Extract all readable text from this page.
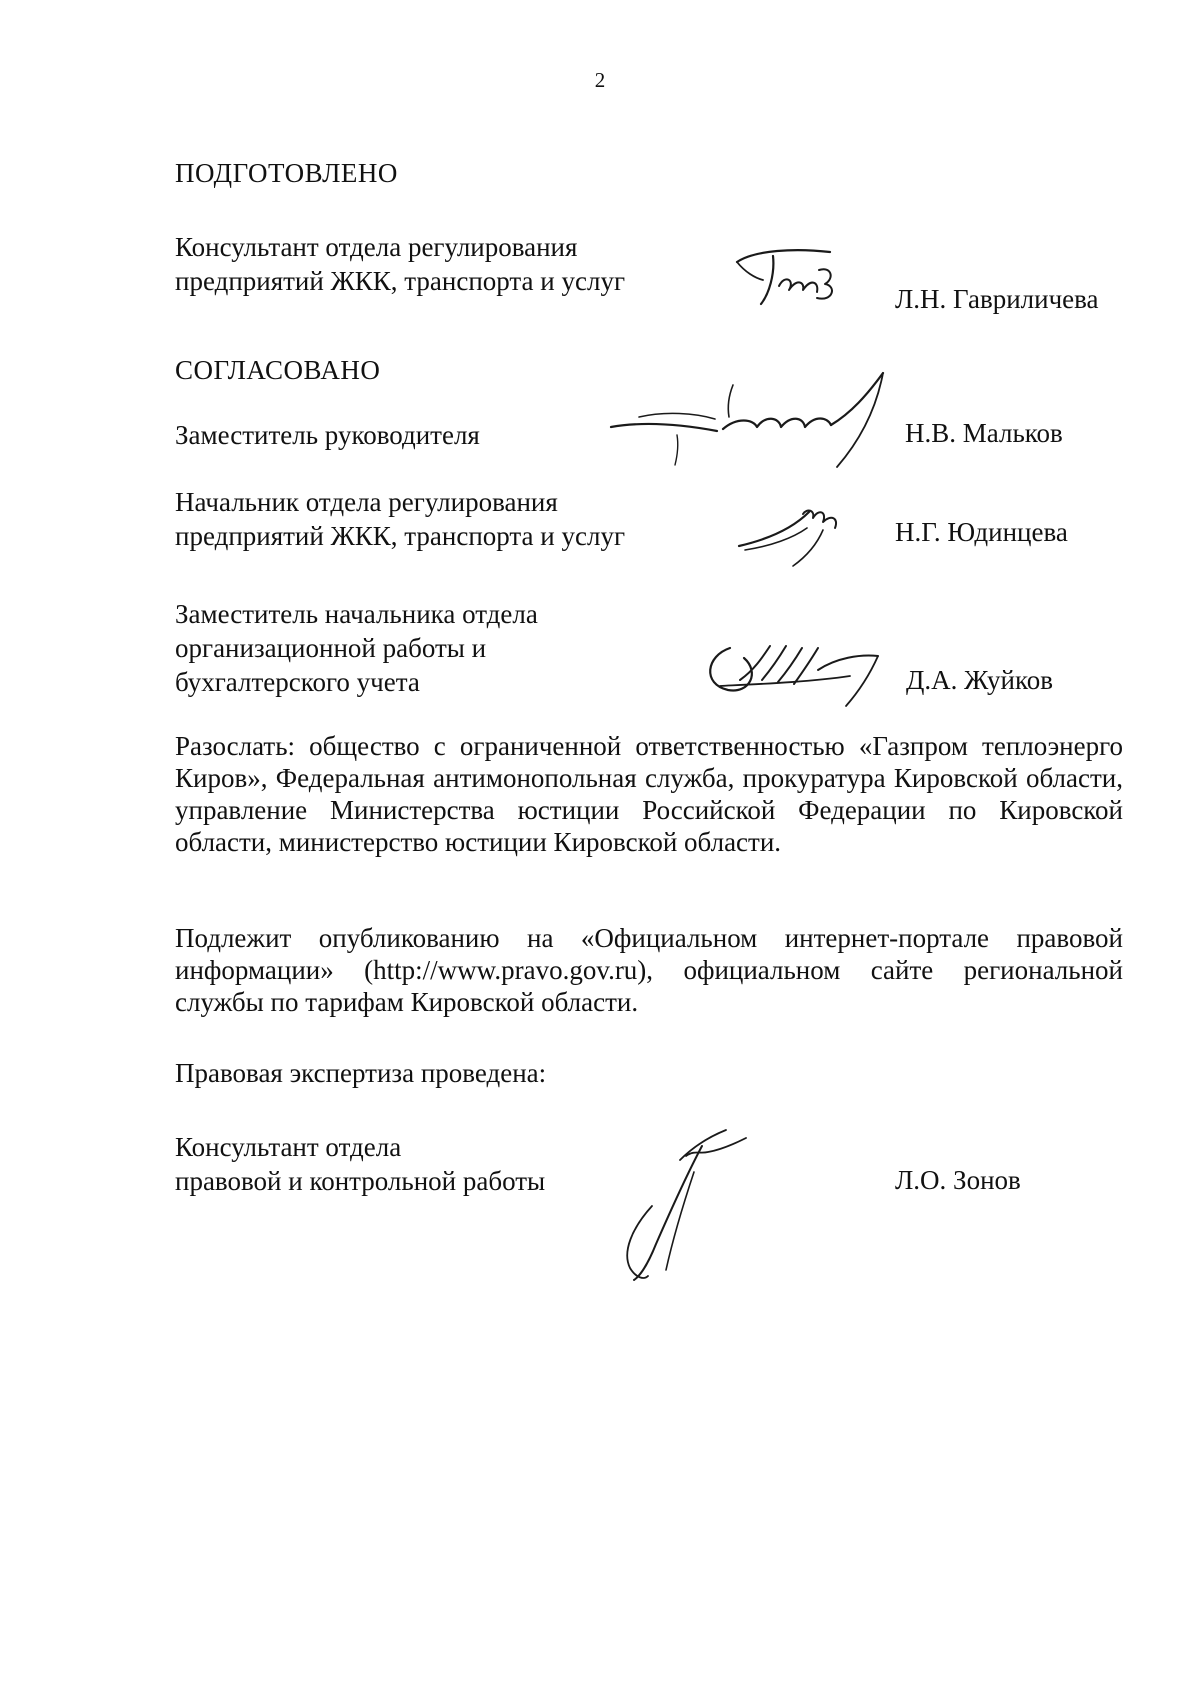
2
ПОДГОТОВЛЕНО
Консультант отдела регулирования
предприятий ЖКК, транспорта и услуг
Л.Н. Гавриличева
СОГЛАСОВАНО
Заместитель руководителя	Н.В. Мальков
Начальник отдела регулирования
предприятий ЖКК, транспорта и услуг	Н.Г. Юдинцева
Заместитель начальника отдела
организационной работы и
бухгалтерского учета	Д.А. Жуйков
Разослать: общество с ограниченной ответственностью «Газпром теплоэнерго Киров», Федеральная антимонопольная служба, прокуратура Кировской области, управление Министерства юстиции Российской Федерации по Кировской области, министерство юстиции Кировской области.
Подлежит опубликованию на «Официальном интернет-портале правовой информации» (http://www.pravo.gov.ru), официальном сайте региональной службы по тарифам Кировской области.
Правовая экспертиза проведена:
Консультант отдела
правовой и контрольной работы	Л.О. Зонов
